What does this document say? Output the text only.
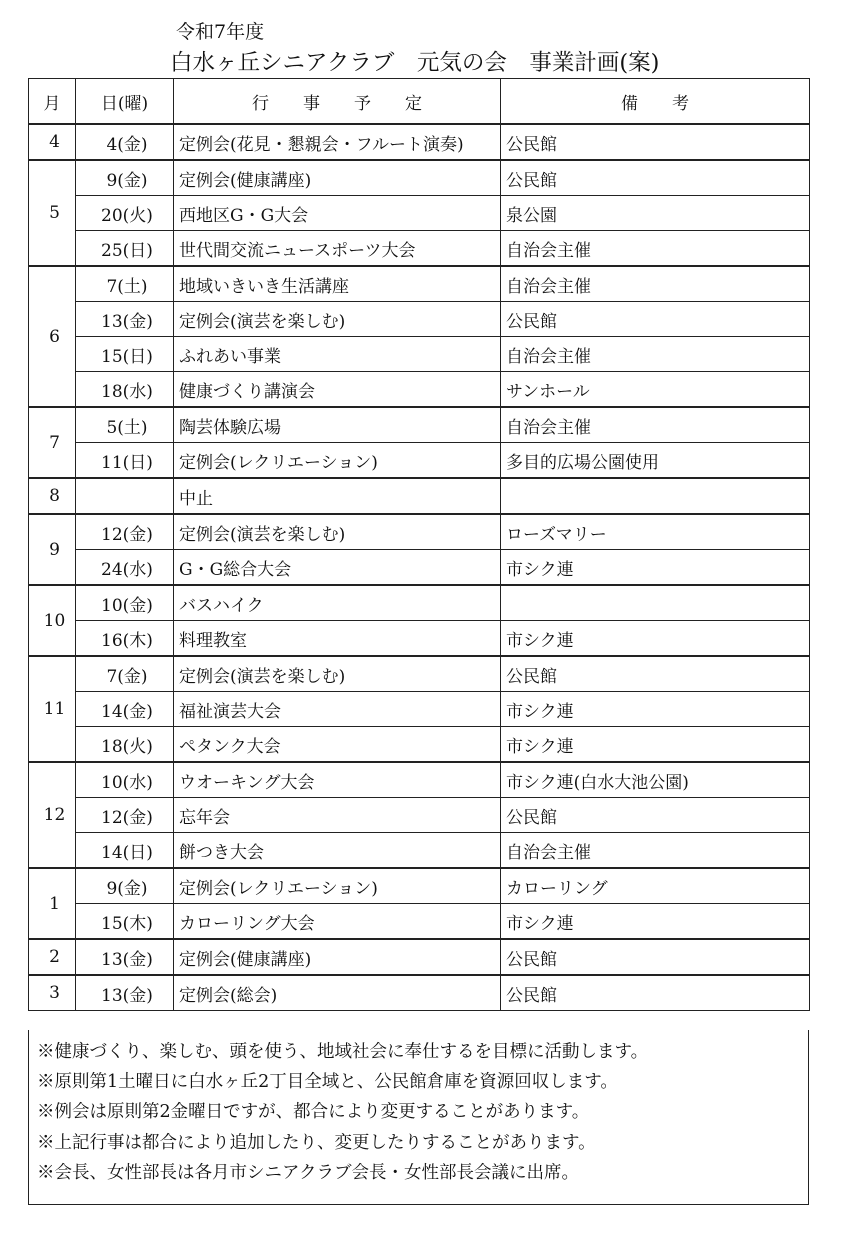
令和7年度
白水ヶ丘シニアクラブ　元気の会　事業計画(案)
月	日(曜)	行　　事　　予　　定	備　　考
4	4(金)	定例会(花見・懇親会・フルート演奏)	公民館
5	9(金)	定例会(健康講座)	公民館
	20(火)	西地区G・G大会	泉公園
	25(日)	世代間交流ニュースポーツ大会	自治会主催
6	7(土)	地域いきいき生活講座	自治会主催
	13(金)	定例会(演芸を楽しむ)	公民館
	15(日)	ふれあい事業	自治会主催
	18(水)	健康づくり講演会	サンホール
7	5(土)	陶芸体験広場	自治会主催
	11(日)	定例会(レクリエーション)	多目的広場公園使用
8		中止	
9	12(金)	定例会(演芸を楽しむ)	ローズマリー
	24(水)	G・G総合大会	市シク連
10	10(金)	バスハイク	
	16(木)	料理教室	市シク連
11	7(金)	定例会(演芸を楽しむ)	公民館
	14(金)	福祉演芸大会	市シク連
	18(火)	ペタンク大会	市シク連
12	10(水)	ウオーキング大会	市シク連(白水大池公園)
	12(金)	忘年会	公民館
	14(日)	餅つき大会	自治会主催
1	9(金)	定例会(レクリエーション)	カローリング
	15(木)	カローリング大会	市シク連
2	13(金)	定例会(健康講座)	公民館
3	13(金)	定例会(総会)	公民館
※健康づくり、楽しむ、頭を使う、地域社会に奉仕するを目標に活動します。
※原則第1土曜日に白水ヶ丘2丁目全域と、公民館倉庫を資源回収します。
※例会は原則第2金曜日ですが、都合により変更することがあります。
※上記行事は都合により追加したり、変更したりすることがあります。
※会長、女性部長は各月市シニアクラブ会長・女性部長会議に出席。
